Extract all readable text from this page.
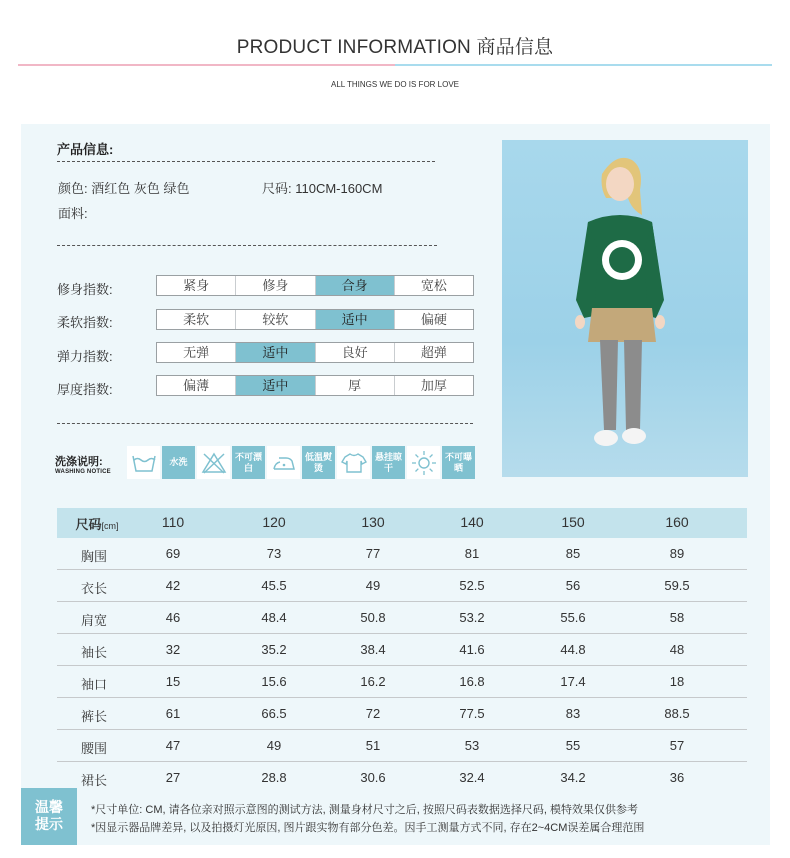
PRODUCT INFORMATION 商品信息
ALL THINGS WE DO IS FOR LOVE
产品信息:
颜色: 酒红色 灰色 绿色	尺码: 110CM-160CM
面料:
修身指数:	紧身	修身	合身	宽松
柔软指数:	柔软	较软	适中	偏硬
弹力指数:	无弹	适中	良好	超弹
厚度指数:	偏薄	适中	厚	加厚
洗涤说明:
WASHING NOTICE
水洗
不可漂白
低温熨烫
悬挂晾干
不可曝晒
尺码[cm]	110	120	130	140	150	160
胸围	69	73	77	81	85	89
衣长	42	45.5	49	52.5	56	59.5
肩宽	46	48.4	50.8	53.2	55.6	58
袖长	32	35.2	38.4	41.6	44.8	48
袖口	15	15.6	16.2	16.8	17.4	18
裤长	61	66.5	72	77.5	83	88.5
腰围	47	49	51	53	55	57
裙长	27	28.8	30.6	32.4	34.2	36
温馨
提示
*尺寸单位: CM, 请各位亲对照示意图的测试方法, 测量身材尺寸之后, 按照尺码表数据选择尺码, 模特效果仅供参考
*因显示器品牌差异, 以及拍摄灯光原因, 图片跟实物有部分色差。因手工测量方式不同, 存在2~4CM误差属合理范围
